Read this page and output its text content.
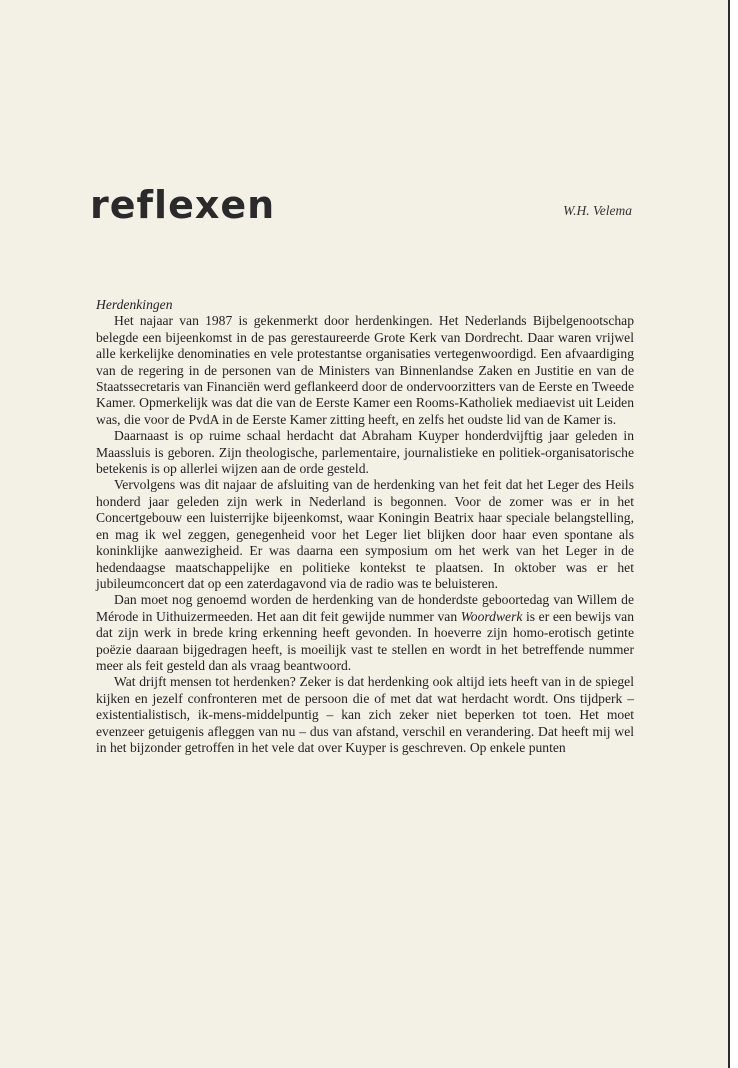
reflexen	W.H. Velema

Herdenkingen

Het najaar van 1987 is gekenmerkt door herdenkingen. Het Nederlands Bijbelgenootschap belegde een bijeenkomst in de pas gerestaureerde Grote Kerk van Dordrecht. Daar waren vrijwel alle kerkelijke denominaties en vele protestantse organisaties vertegenwoordigd. Een afvaardiging van de regering in de personen van de Ministers van Binnenlandse Zaken en Justitie en van de Staatssecretaris van Financiën werd geflankeerd door de ondervoorzitters van de Eerste en Tweede Kamer. Opmerkelijk was dat die van de Eerste Kamer een Rooms-Katholiek mediaevist uit Leiden was, die voor de PvdA in de Eerste Kamer zitting heeft, en zelfs het oudste lid van de Kamer is.

Daarnaast is op ruime schaal herdacht dat Abraham Kuyper honderdvijftig jaar geleden in Maassluis is geboren. Zijn theologische, parlementaire, journalistieke en politiek-organisatorische betekenis is op allerlei wijzen aan de orde gesteld.

Vervolgens was dit najaar de afsluiting van de herdenking van het feit dat het Leger des Heils honderd jaar geleden zijn werk in Nederland is begonnen. Voor de zomer was er in het Concertgebouw een luisterrijke bijeenkomst, waar Koningin Beatrix haar speciale belangstelling, en mag ik wel zeggen, genegenheid voor het Leger liet blijken door haar even spontane als koninklijke aanwezigheid. Er was daarna een symposium om het werk van het Leger in de hedendaagse maatschappelijke en politieke kontekst te plaatsen. In oktober was er het jubileumconcert dat op een zaterdagavond via de radio was te beluisteren.

Dan moet nog genoemd worden de herdenking van de honderdste geboortedag van Willem de Mérode in Uithuizermeeden. Het aan dit feit gewijde nummer van Woordwerk is er een bewijs van dat zijn werk in brede kring erkenning heeft gevonden. In hoeverre zijn homo-erotisch getinte poëzie daaraan bijgedragen heeft, is moeilijk vast te stellen en wordt in het betreffende nummer meer als feit gesteld dan als vraag beantwoord.

Wat drijft mensen tot herdenken? Zeker is dat herdenking ook altijd iets heeft van in de spiegel kijken en jezelf confronteren met de persoon die of met dat wat herdacht wordt. Ons tijdperk – existentialistisch, ik-mens-middelpuntig – kan zich zeker niet beperken tot toen. Het moet evenzeer getuigenis afleggen van nu – dus van afstand, verschil en verandering. Dat heeft mij wel in het bijzonder getroffen in het vele dat over Kuyper is geschreven. Op enkele punten
